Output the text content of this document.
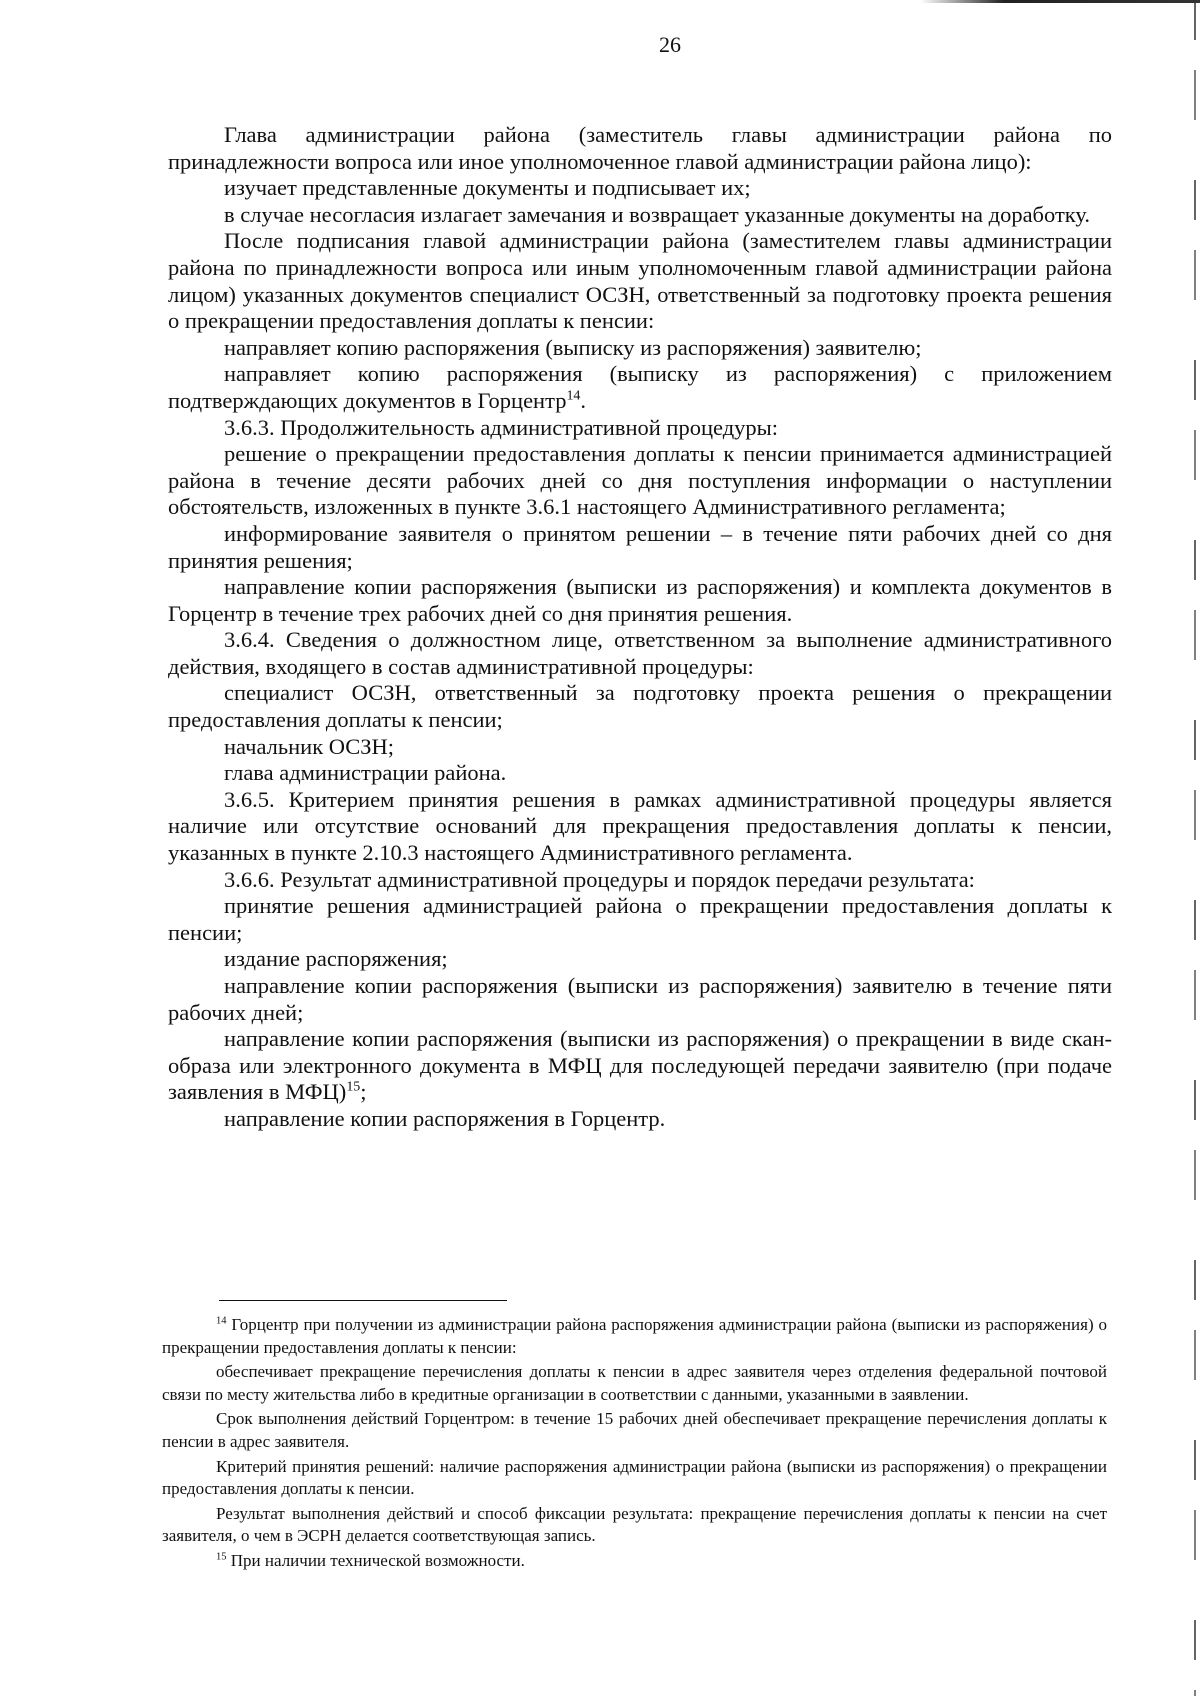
26

Глава администрации района (заместитель главы администрации района по принадлежности вопроса или иное уполномоченное главой администрации района лицо):

изучает представленные документы и подписывает их;

в случае несогласия излагает замечания и возвращает указанные документы на доработку.

После подписания главой администрации района (заместителем главы администрации района по принадлежности вопроса или иным уполномоченным главой администрации района лицом) указанных документов специалист ОСЗН, ответственный за подготовку проекта решения о прекращении предоставления доплаты к пенсии:

направляет копию распоряжения (выписку из распоряжения) заявителю;

направляет копию распоряжения (выписку из распоряжения) с приложением подтверждающих документов в Горцентр$^{14}$.

3.6.3. Продолжительность административной процедуры:

решение о прекращении предоставления доплаты к пенсии принимается администрацией района в течение десяти рабочих дней со дня поступления информации о наступлении обстоятельств, изложенных в пункте 3.6.1 настоящего Административного регламента;

информирование заявителя о принятом решении – в течение пяти рабочих дней со дня принятия решения;

направление копии распоряжения (выписки из распоряжения) и комплекта документов в Горцентр в течение трех рабочих дней со дня принятия решения.

3.6.4. Сведения о должностном лице, ответственном за выполнение административного действия, входящего в состав административной процедуры:

специалист ОСЗН, ответственный за подготовку проекта решения о прекращении предоставления доплаты к пенсии;

начальник ОСЗН;

глава администрации района.

3.6.5. Критерием принятия решения в рамках административной процедуры является наличие или отсутствие оснований для прекращения предоставления доплаты к пенсии, указанных в пункте 2.10.3 настоящего Административного регламента.

3.6.6. Результат административной процедуры и порядок передачи результата:

принятие решения администрацией района о прекращении предоставления доплаты к пенсии;

издание распоряжения;

направление копии распоряжения (выписки из распоряжения) заявителю в течение пяти рабочих дней;

направление копии распоряжения (выписки из распоряжения) о прекращении в виде скан-образа или электронного документа в МФЦ для последующей передачи заявителю (при подаче заявления в МФЦ)$^{15}$;

направление копии распоряжения в Горцентр.

$^{14}$ Горцентр при получении из администрации района распоряжения администрации района (выписки из распоряжения) о прекращении предоставления доплаты к пенсии:

обеспечивает прекращение перечисления доплаты к пенсии в адрес заявителя через отделения федеральной почтовой связи по месту жительства либо в кредитные организации в соответствии с данными, указанными в заявлении.

Срок выполнения действий Горцентром: в течение 15 рабочих дней обеспечивает прекращение перечисления доплаты к пенсии в адрес заявителя.

Критерий принятия решений: наличие распоряжения администрации района (выписки из распоряжения) о прекращении предоставления доплаты к пенсии.

Результат выполнения действий и способ фиксации результата: прекращение перечисления доплаты к пенсии на счет заявителя, о чем в ЭСРН делается соответствующая запись.

$^{15}$ При наличии технической возможности.
